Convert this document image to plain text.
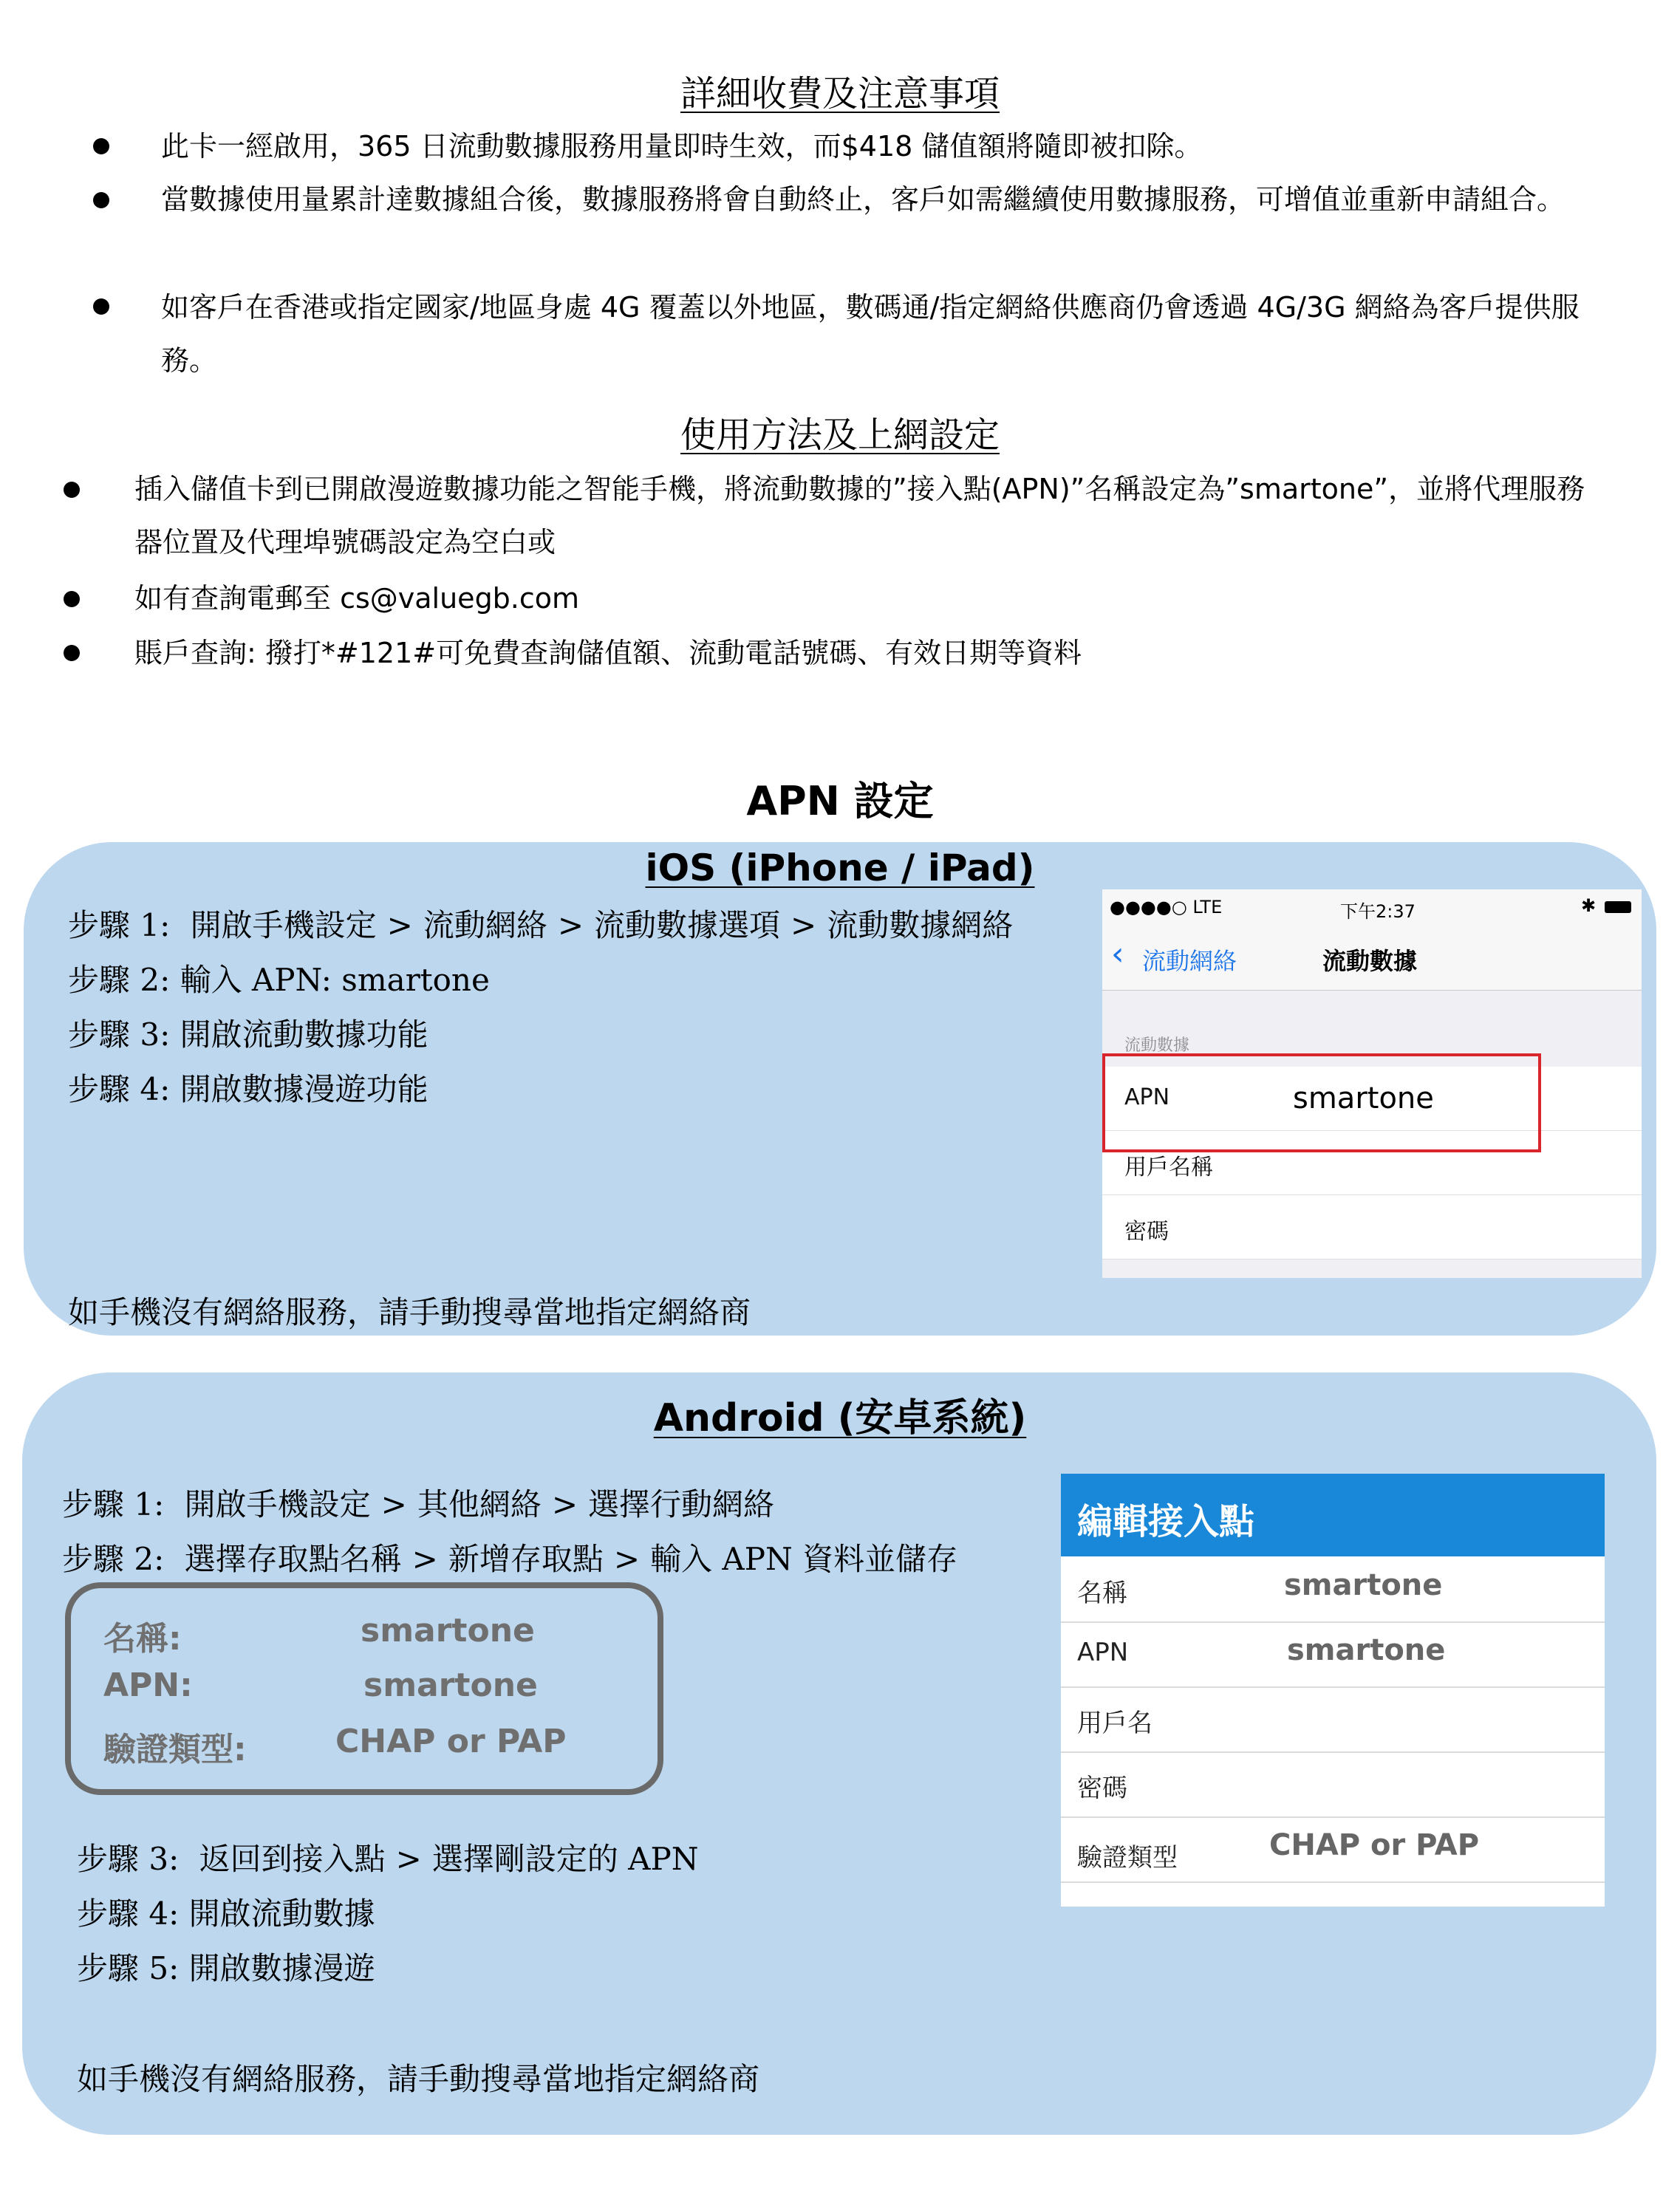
詳細收費及注意事項
此卡一經啟用，365 日流動數據服務用量即時生效，而$418 儲值額將隨即被扣除。
當數據使用量累計達數據組合後，數據服務將會自動終止，客戶如需繼續使用數據服務，可增值並重新申請組合。
如客戶在香港或指定國家/地區身處 4G 覆蓋以外地區，數碼通/指定網絡供應商仍會透過 4G/3G 網絡為客戶提供服務。
使用方法及上網設定
插入儲值卡到已開啟漫遊數據功能之智能手機，將流動數據的”接入點(APN)”名稱設定為”smartone”，並將代理服務器位置及代理埠號碼設定為空白或
如有查詢電郵至 cs@valuegb.com
賬戶查詢: 撥打*#121#可免費查詢儲值額、流動電話號碼、有效日期等資料
APN 設定
iOS (iPhone / iPad)
步驟 1: 開啟手機設定 > 流動網絡 > 流動數據選項 > 流動數據網絡
步驟 2: 輸入 APN: smartone
步驟 3: 開啟流動數據功能
步驟 4: 開啟數據漫遊功能
如手機沒有網絡服務，請手動搜尋當地指定網絡商
●●●●○ LTE	下午2:37	✱
‹ 流動網絡	流動數據
流動數據
APN	smartone
用戶名稱
密碼
Android (安卓系統)
步驟 1: 開啟手機設定 > 其他網絡 > 選擇行動網絡
步驟 2: 選擇存取點名稱 > 新增存取點 > 輸入 APN 資料並儲存
名稱:	smartone
APN:	smartone
驗證類型:	CHAP or PAP
步驟 3: 返回到接入點 > 選擇剛設定的 APN
步驟 4: 開啟流動數據
步驟 5: 開啟數據漫遊
如手機沒有網絡服務，請手動搜尋當地指定網絡商
編輯接入點
名稱	smartone
APN	smartone
用戶名
密碼
驗證類型	CHAP or PAP
